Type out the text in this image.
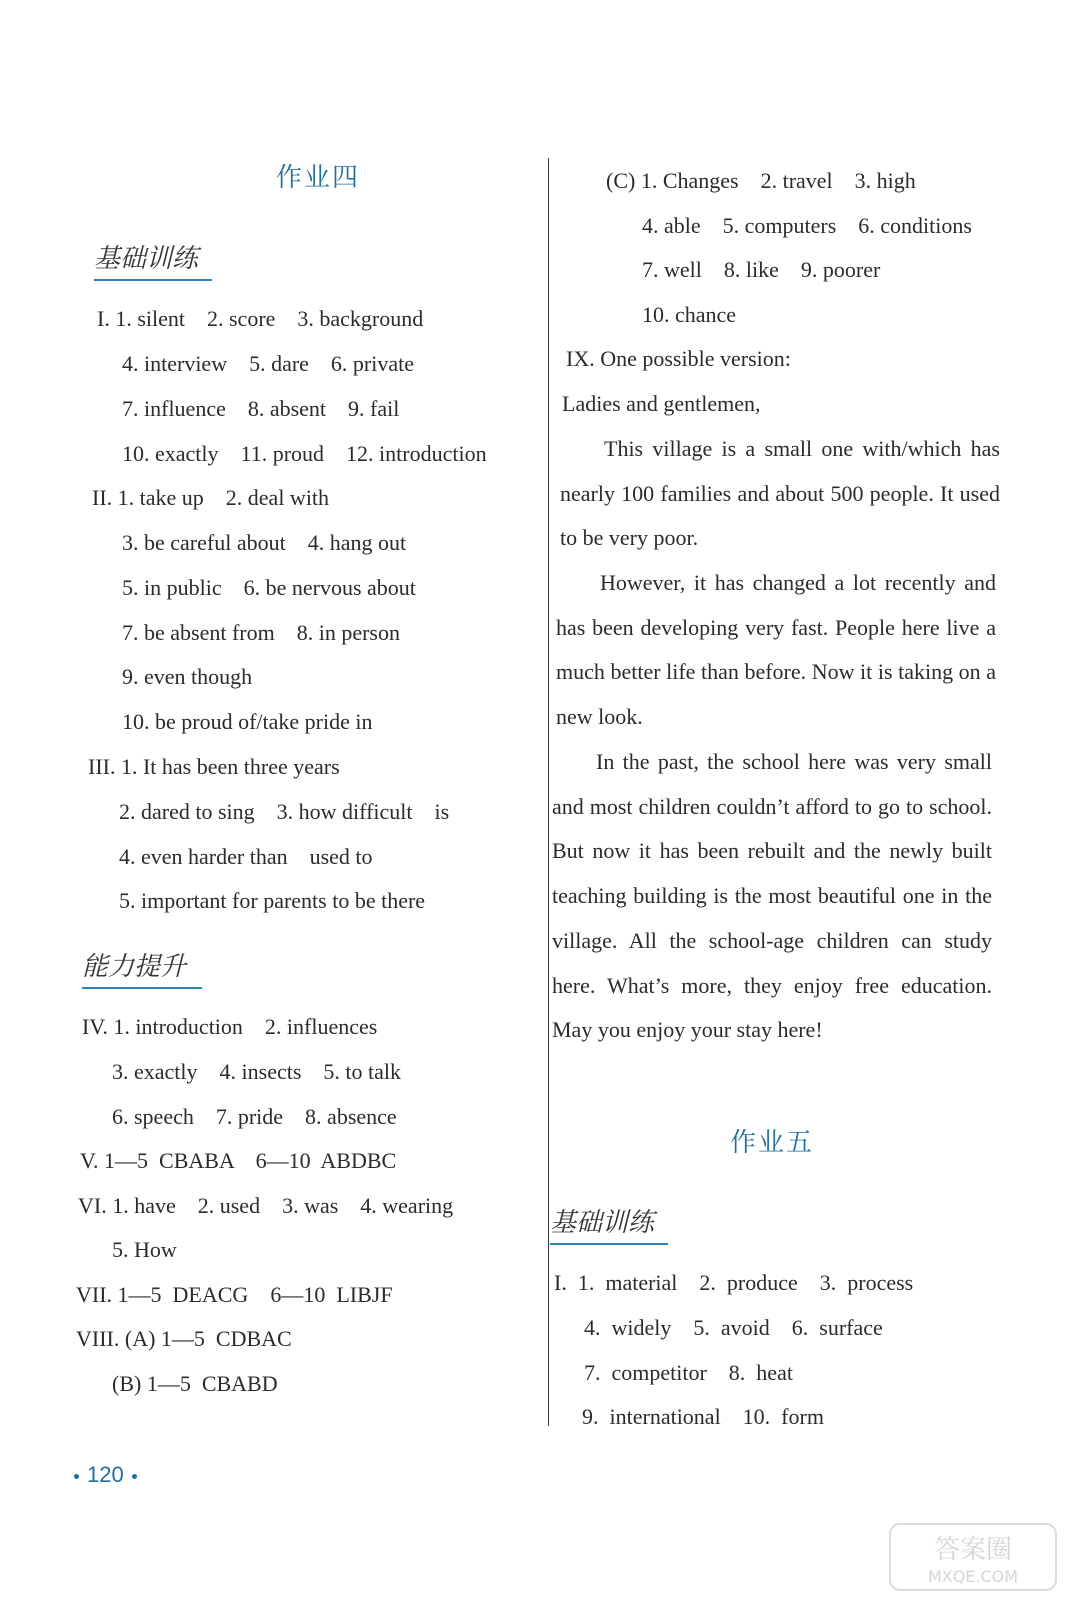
作业四
基础训练
I. 1. silent    2. score    3. background
4. interview    5. dare    6. private
7. influence    8. absent    9. fail
10. exactly    11. proud    12. introduction
II. 1. take up    2. deal with
3. be careful about    4. hang out
5. in public    6. be nervous about
7. be absent from    8. in person
9. even though
10. be proud of/take pride in
III. 1. It has been three years
2. dared to sing    3. how difficult    is
4. even harder than    used to
5. important for parents to be there
能力提升
IV. 1. introduction    2. influences
3. exactly    4. insects    5. to talk
6. speech    7. pride    8. absence
V. 1—5  CBABA    6—10  ABDBC
VI. 1. have    2. used    3. was    4. wearing
5. How
VII. 1—5  DEACG    6—10  LIBJF
VIII. (A) 1—5  CDBAC
(B) 1—5  CBABD
(C) 1. Changes    2. travel    3. high
4. able    5. computers    6. conditions
7. well    8. like    9. poorer
10. chance
IX. One possible version:
Ladies and gentlemen,
This village is a small one with/which has nearly 100 families and about 500 people. It used to be very poor.
However, it has changed a lot recently and has been developing very fast. People here live a much better life than before. Now it is taking on a new look.
In the past, the school here was very small and most children couldn’t afford to go to school. But now it has been rebuilt and the newly built teaching building is the most beautiful one in the village. All the school-age children can study here. What’s more, they enjoy free education. May you enjoy your stay here!
作业五
基础训练
I.  1.  material    2.  produce    3.  process
4.  widely    5.  avoid    6.  surface
7.  competitor    8.  heat
9.  international    10.  form
120
答案圈
MXQE.COM
